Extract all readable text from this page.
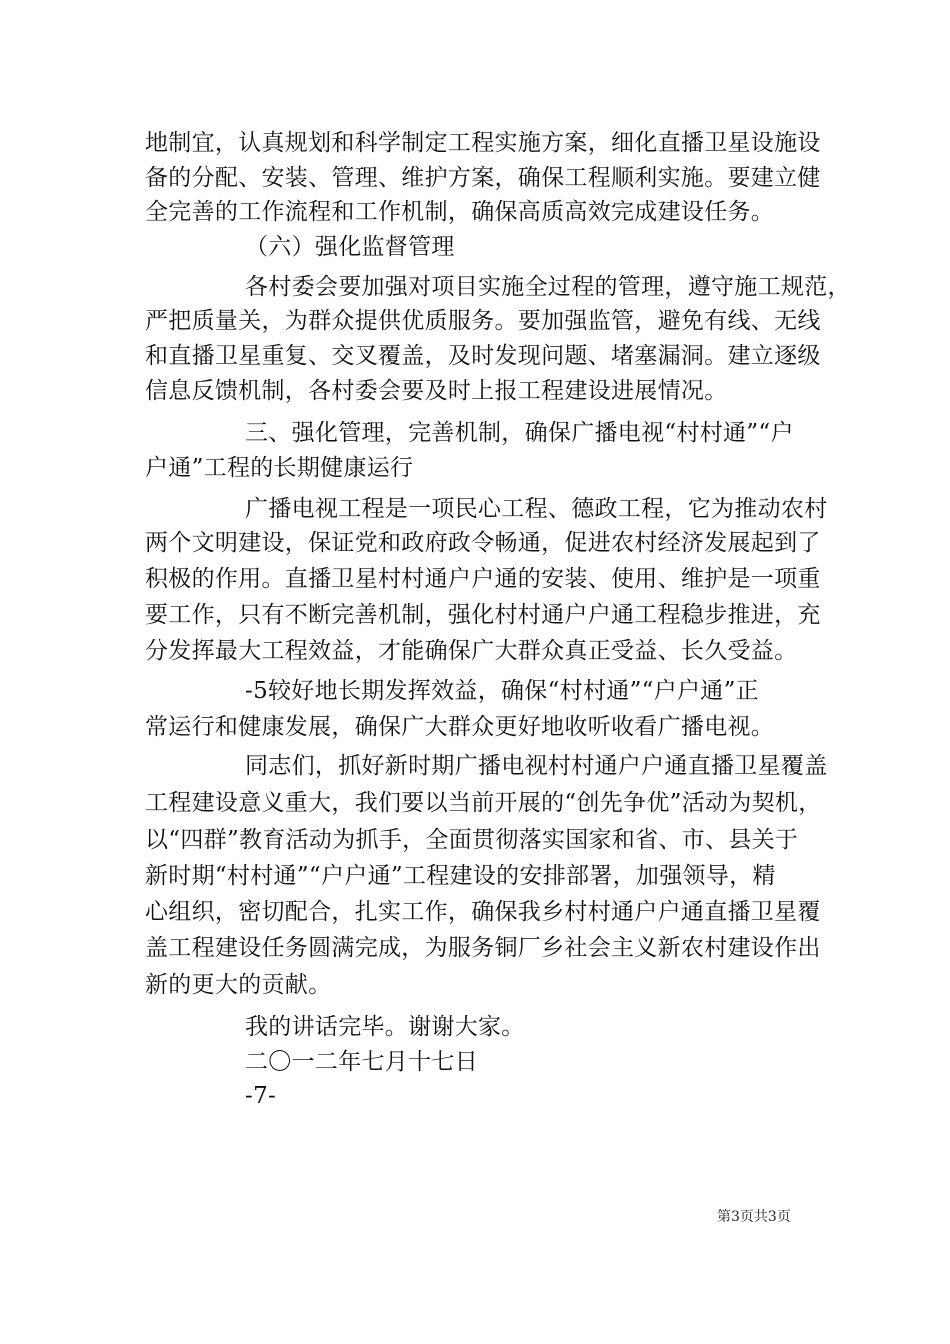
地制宜，认真规划和科学制定工程实施方案，细化直播卫星设施设
备的分配、安装、管理、维护方案，确保工程顺利实施。要建立健
全完善的工作流程和工作机制，确保高质高效完成建设任务。
（六）强化监督管理
各村委会要加强对项目实施全过程的管理，遵守施工规范，
严把质量关，为群众提供优质服务。要加强监管，避免有线、无线
和直播卫星重复、交叉覆盖，及时发现问题、堵塞漏洞。建立逐级
信息反馈机制，各村委会要及时上报工程建设进展情况。
三、强化管理，完善机制，确保广播电视“村村通”“户
户通”工程的长期健康运行
广播电视工程是一项民心工程、德政工程，它为推动农村
两个文明建设，保证党和政府政令畅通，促进农村经济发展起到了
积极的作用。直播卫星村村通户户通的安装、使用、维护是一项重
要工作，只有不断完善机制，强化村村通户户通工程稳步推进，充
分发挥最大工程效益，才能确保广大群众真正受益、长久受益。
-5较好地长期发挥效益，确保“村村通”“户户通”正
常运行和健康发展，确保广大群众更好地收听收看广播电视。
同志们，抓好新时期广播电视村村通户户通直播卫星覆盖
工程建设意义重大，我们要以当前开展的“创先争优”活动为契机，
以“四群”教育活动为抓手，全面贯彻落实国家和省、市、县关于
新时期“村村通”“户户通”工程建设的安排部署，加强领导，精
心组织，密切配合，扎实工作，确保我乡村村通户户通直播卫星覆
盖工程建设任务圆满完成，为服务铜厂乡社会主义新农村建设作出
新的更大的贡献。
我的讲话完毕。谢谢大家。
二〇一二年七月十七日
-7-
第3页共3页
